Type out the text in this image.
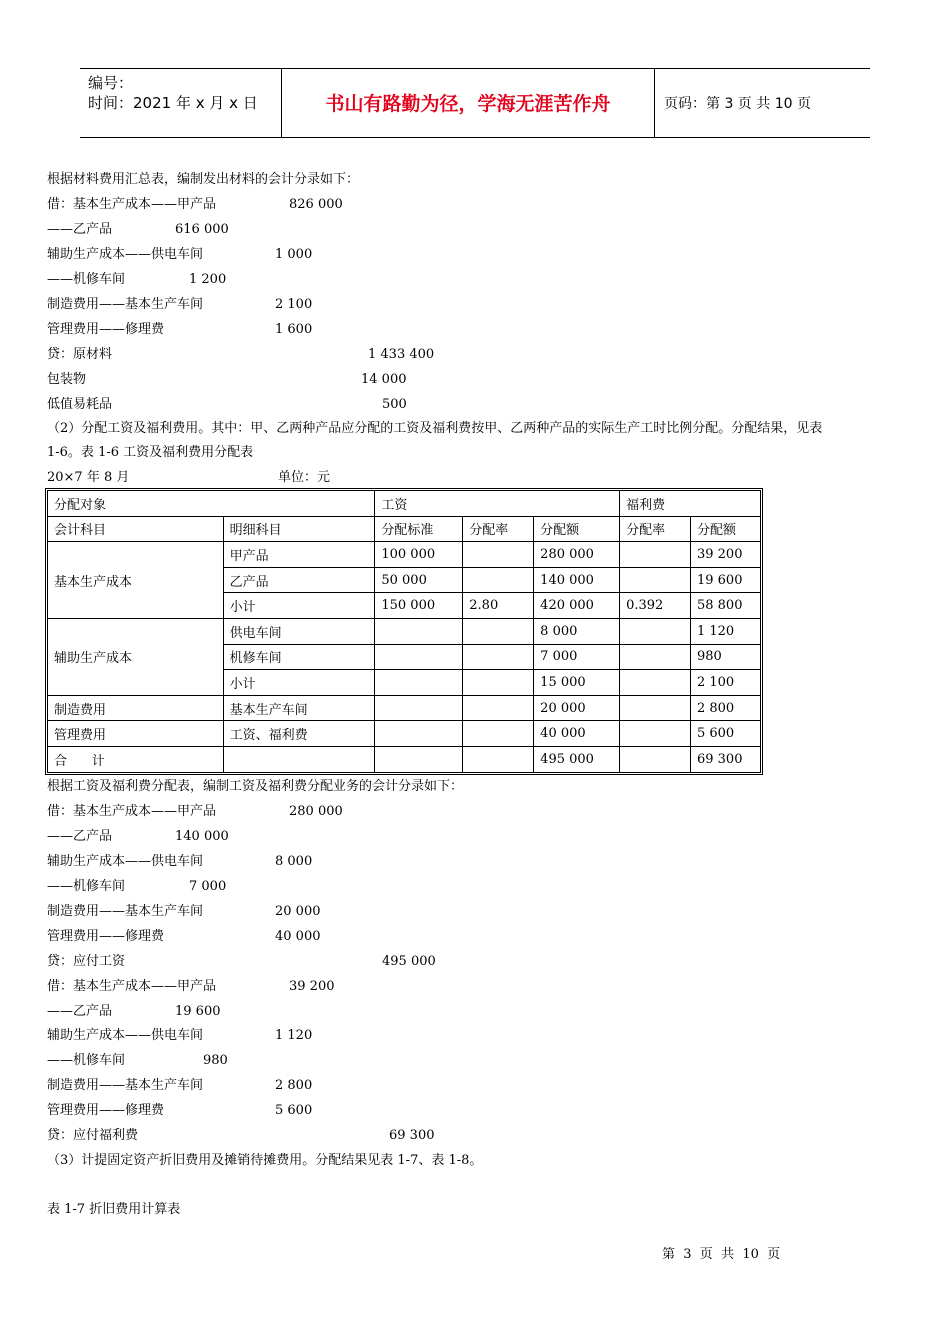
编号：
时间：2021 年 x 月 x 日	书山有路勤为径，学海无涯苦作舟	页码：第 3 页 共 10 页
根据材料费用汇总表，编制发出材料的会计分录如下：
借：基本生产成本——甲产品	826 000
——乙产品	616 000
辅助生产成本——供电车间	1 000
——机修车间	1 200
制造费用——基本生产车间	2 100
管理费用——修理费	1 600
贷：原材料	1 433 400
包装物	14 000
低值易耗品	500
（2）分配工资及福利费用。其中：甲、乙两种产品应分配的工资及福利费按甲、乙两种产品的实际生产工时比例分配。分配结果，见表
1-6。表 1-6 工资及福利费用分配表
20×7 年 8 月	单位：元
分配对象		工资			福利费	
会计科目	明细科目	分配标准	分配率	分配额	分配率	分配额
基本生产成本	甲产品	100 000		280 000		39 200
	乙产品	50 000		140 000		19 600
	小计	150 000	2.80	420 000	0.392	58 800
辅助生产成本	供电车间			8 000		1 120
	机修车间			7 000		980
	小计			15 000		2 100
制造费用	基本生产车间			20 000		2 800
管理费用	工资、福利费			40 000		5 600
合      计				495 000		69 300
根据工资及福利费分配表，编制工资及福利费分配业务的会计分录如下：
借：基本生产成本——甲产品	280 000
——乙产品	140 000
辅助生产成本——供电车间	8 000
——机修车间	7 000
制造费用——基本生产车间	20 000
管理费用——修理费	40 000
贷：应付工资	495 000
借：基本生产成本——甲产品	39 200
——乙产品	19 600
辅助生产成本——供电车间	1 120
——机修车间	980
制造费用——基本生产车间	2 800
管理费用——修理费	5 600
贷：应付福利费	69 300
（3）计提固定资产折旧费用及摊销待摊费用。分配结果见表 1-7、表 1-8。
表 1-7 折旧费用计算表
第  3  页  共  10  页
